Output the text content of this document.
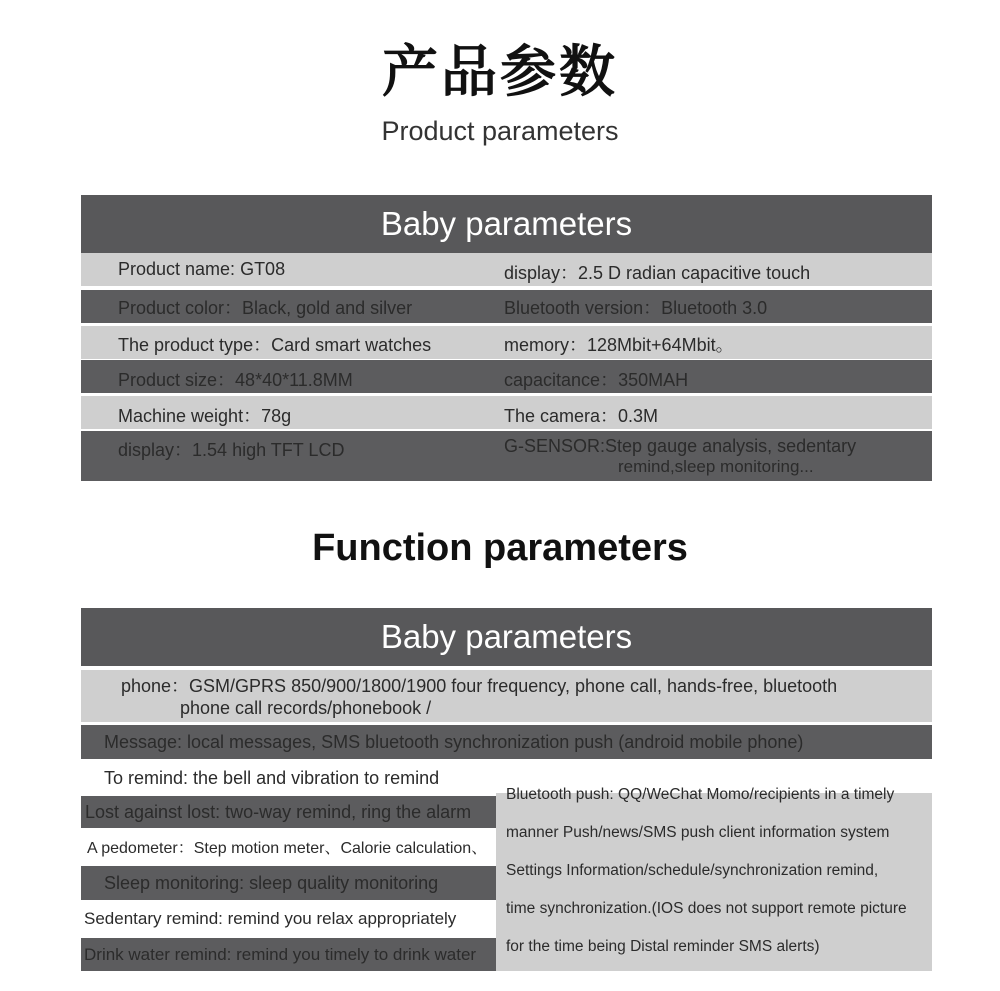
产品参数
Product parameters
Baby parameters
Product name: GT08	display：2.5 D radian capacitive touch
Product color：Black, gold and silver	Bluetooth version：Bluetooth 3.0
The product type：Card smart watches	memory：128Mbit+64Mbit。
Product size：48*40*11.8MM	capacitance：350MAH
Machine weight：78g	The camera：0.3M
display：1.54 high TFT LCD	G-SENSOR:Step gauge analysis, sedentary
remind,sleep monitoring...
Function parameters
Baby parameters
phone：GSM/GPRS 850/900/1800/1900 four frequency, phone call, hands-free, bluetooth
phone call records/phonebook /
Message: local messages, SMS bluetooth synchronization push (android mobile phone)
To remind: the bell and vibration to remind
Lost against lost: two-way remind, ring the alarm
A pedometer：Step motion meter、Calorie calculation、
Sleep monitoring: sleep quality monitoring
Sedentary remind: remind you relax appropriately
Drink water remind: remind you timely to drink water
Bluetooth push: QQ/WeChat Momo/recipients in a timely
manner Push/news/SMS push client information system
Settings Information/schedule/synchronization remind,
time synchronization.(IOS does not support remote picture
for the time being Distal reminder SMS alerts)
